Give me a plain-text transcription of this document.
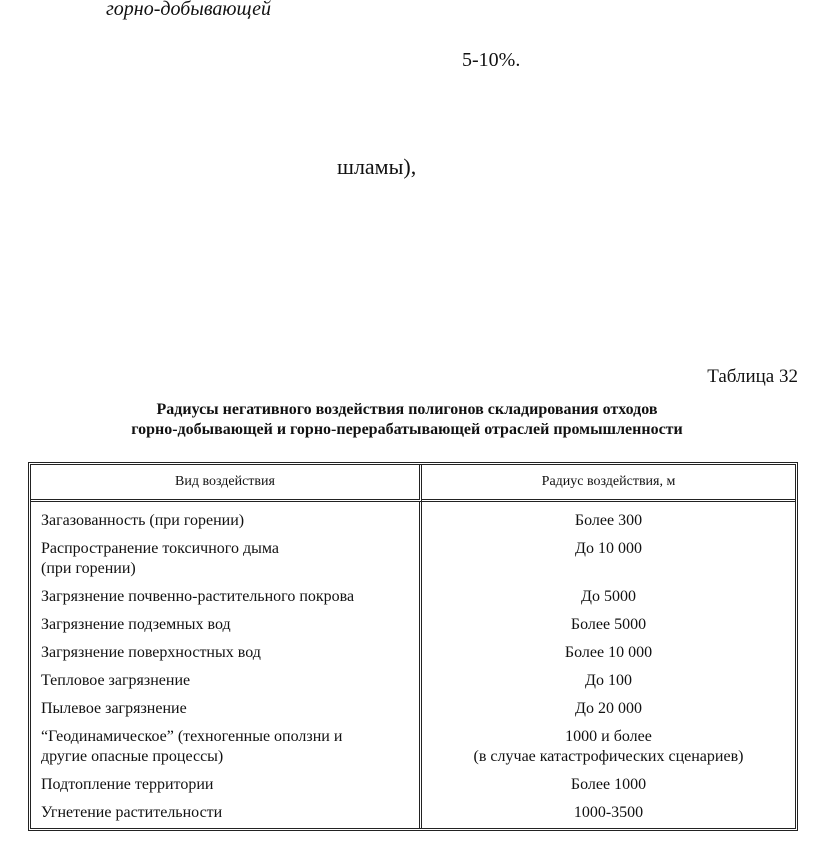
горно-добывающей

5-10%.

шламы),

Таблица 32

Радиусы негативного воздействия полигонов складирования отходов
горно-добывающей и горно-перерабатывающей отраслей промышленности
Вид воздействия	Радиус воздействия, м

Загазованность (при горении)	Более 300

Распространение токсичного дыма
(при горении)	До 10 000

Загрязнение почвенно-растительного покрова	До 5000

Загрязнение подземных вод	Более 5000

Загрязнение поверхностных вод	Более 10 000

Тепловое загрязнение	До 100

Пылевое загрязнение	До 20 000

“Геодинамическое” (техногенные оползни и
другие опасные процессы)	1000 и более
(в случае катастрофических сценариев)

Подтопление территории	Более 1000

Угнетение растительности	1000-3500
